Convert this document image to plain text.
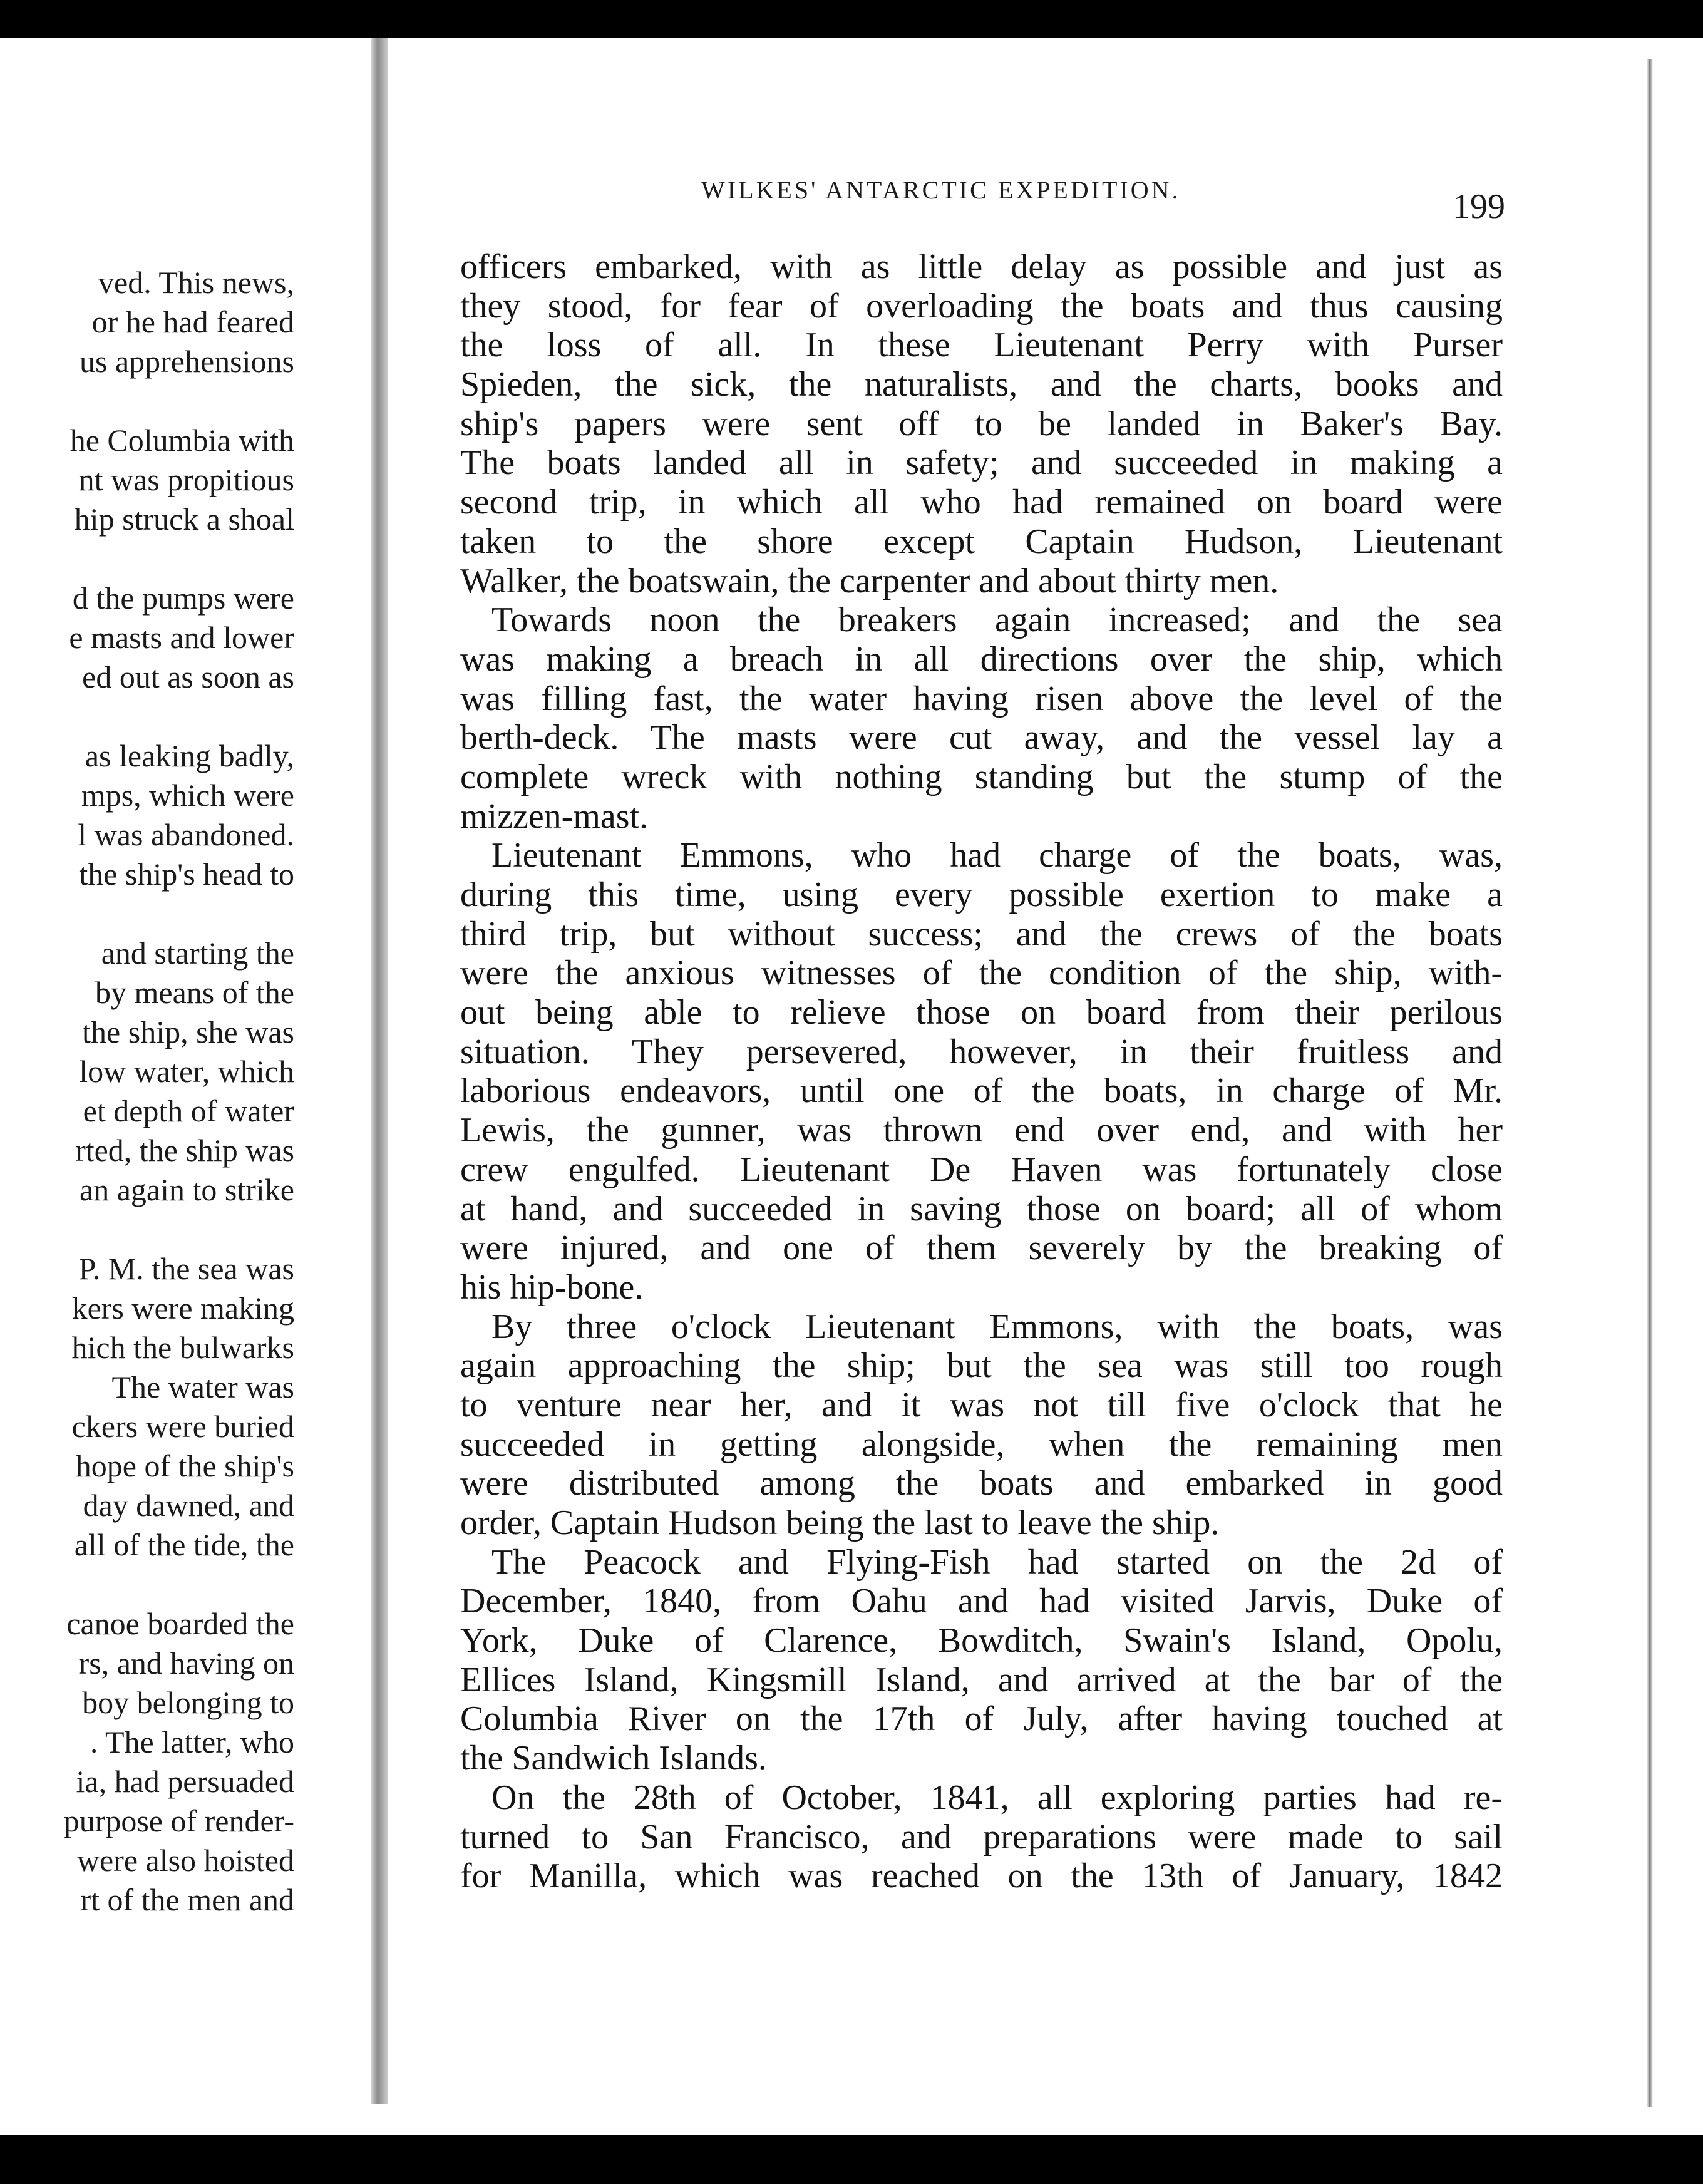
ved. This news,
or he had feared
us apprehensions
he Columbia with
nt was propitious
hip struck a shoal
d the pumps were
e masts and lower
ed out as soon as
as leaking badly,
mps, which were
l was abandoned.
the ship's head to
and starting the
by means of the
the ship, she was
low water, which
et depth of water
rted, the ship was
an again to strike
P. M. the sea was
kers were making
hich the bulwarks
The water was
ckers were buried
hope of the ship's
day dawned, and
all of the tide, the
canoe boarded the
rs, and having on
boy belonging to
. The latter, who
ia, had persuaded
purpose of render-
were also hoisted
rt of the men and
WILKES' ANTARCTIC EXPEDITION.	199
officers embarked, with as little delay as possible and just as
they stood, for fear of overloading the boats and thus causing
the loss of all. In these Lieutenant Perry with Purser
Spieden, the sick, the naturalists, and the charts, books and
ship's papers were sent off to be landed in Baker's Bay.
The boats landed all in safety; and succeeded in making a
second trip, in which all who had remained on board were
taken to the shore except Captain Hudson, Lieutenant
Walker, the boatswain, the carpenter and about thirty men.
Towards noon the breakers again increased; and the sea
was making a breach in all directions over the ship, which
was filling fast, the water having risen above the level of the
berth-deck. The masts were cut away, and the vessel lay a
complete wreck with nothing standing but the stump of the
mizzen-mast.
Lieutenant Emmons, who had charge of the boats, was,
during this time, using every possible exertion to make a
third trip, but without success; and the crews of the boats
were the anxious witnesses of the condition of the ship, with-
out being able to relieve those on board from their perilous
situation. They persevered, however, in their fruitless and
laborious endeavors, until one of the boats, in charge of Mr.
Lewis, the gunner, was thrown end over end, and with her
crew engulfed. Lieutenant De Haven was fortunately close
at hand, and succeeded in saving those on board; all of whom
were injured, and one of them severely by the breaking of
his hip-bone.
By three o'clock Lieutenant Emmons, with the boats, was
again approaching the ship; but the sea was still too rough
to venture near her, and it was not till five o'clock that he
succeeded in getting alongside, when the remaining men
were distributed among the boats and embarked in good
order, Captain Hudson being the last to leave the ship.
The Peacock and Flying-Fish had started on the 2d of
December, 1840, from Oahu and had visited Jarvis, Duke of
York, Duke of Clarence, Bowditch, Swain's Island, Opolu,
Ellices Island, Kingsmill Island, and arrived at the bar of the
Columbia River on the 17th of July, after having touched at
the Sandwich Islands.
On the 28th of October, 1841, all exploring parties had re-
turned to San Francisco, and preparations were made to sail
for Manilla, which was reached on the 13th of January, 1842
